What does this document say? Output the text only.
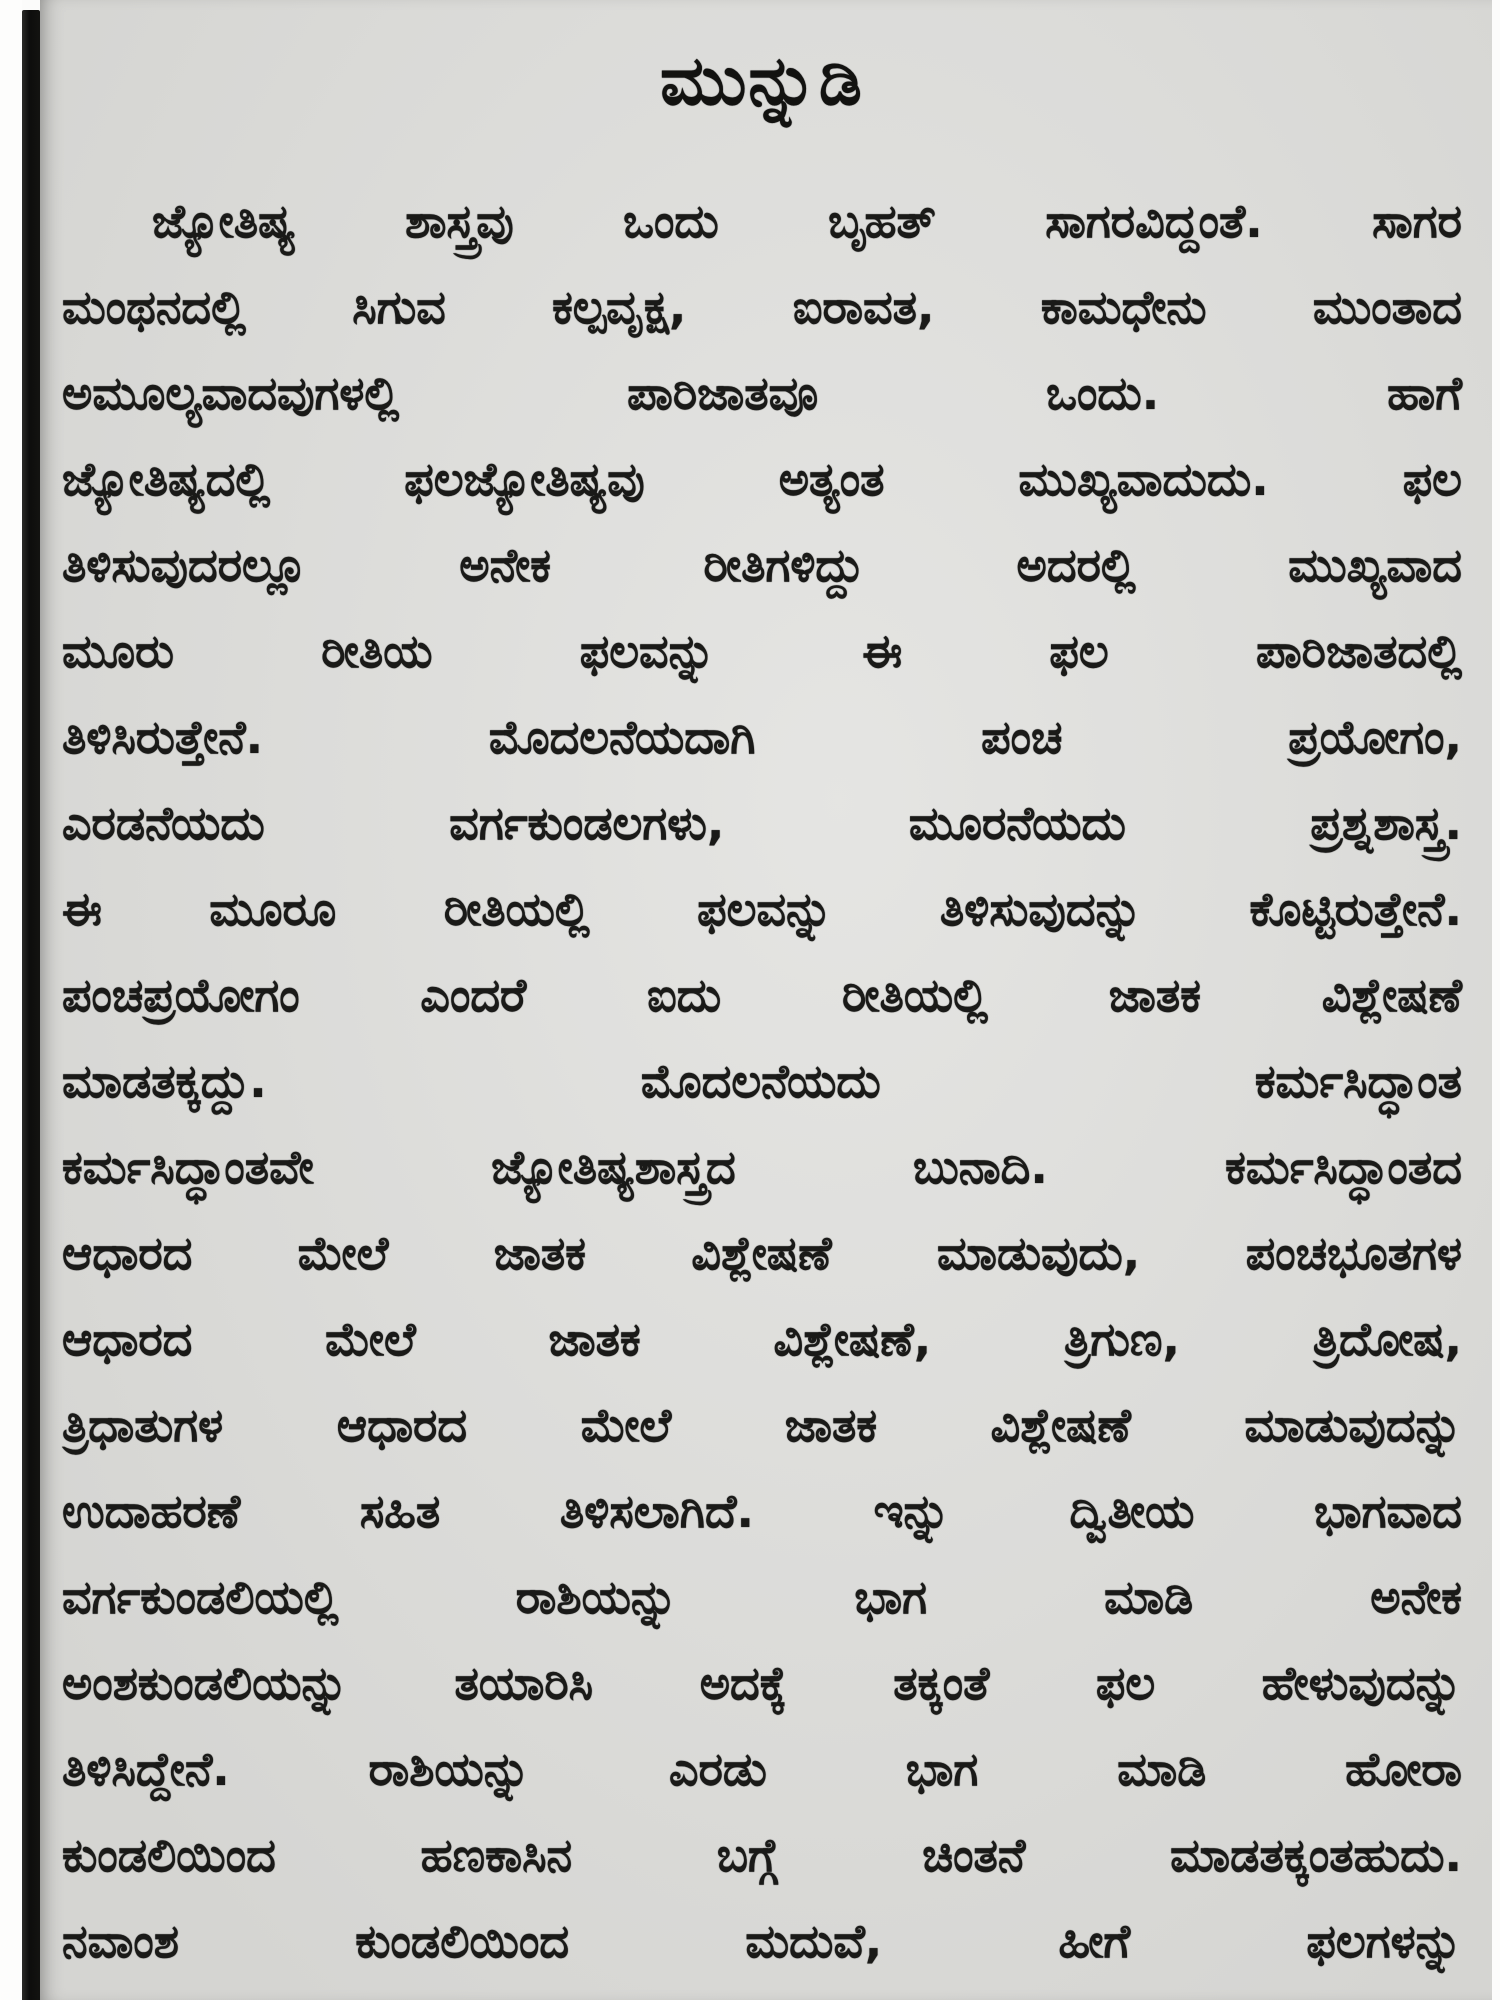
ಮುನ್ನುಡಿ
ಜ್ಯೋತಿಷ್ಯ ಶಾಸ್ತ್ರವು ಒಂದು ಬೃಹತ್ ಸಾಗರವಿದ್ದಂತೆ. ಸಾಗರ
ಮಂಥನದಲ್ಲಿ ಸಿಗುವ ಕಲ್ಪವೃಕ್ಷ, ಐರಾವತ, ಕಾಮಧೇನು ಮುಂತಾದ
ಅಮೂಲ್ಯವಾದವುಗಳಲ್ಲಿ ಪಾರಿಜಾತವೂ ಒಂದು. ಹಾಗೆ
ಜ್ಯೋತಿಷ್ಯದಲ್ಲಿ ಫಲಜ್ಯೋತಿಷ್ಯವು ಅತ್ಯಂತ ಮುಖ್ಯವಾದುದು. ಫಲ
ತಿಳಿಸುವುದರಲ್ಲೂ ಅನೇಕ ರೀತಿಗಳಿದ್ದು ಅದರಲ್ಲಿ ಮುಖ್ಯವಾದ
ಮೂರು ರೀತಿಯ ಫಲವನ್ನು ಈ ಫಲ ಪಾರಿಜಾತದಲ್ಲಿ
ತಿಳಿಸಿರುತ್ತೇನೆ. ಮೊದಲನೆಯದಾಗಿ ಪಂಚ ಪ್ರಯೋಗಂ,
ಎರಡನೆಯದು ವರ್ಗಕುಂಡಲಗಳು, ಮೂರನೆಯದು ಪ್ರಶ್ನಶಾಸ್ತ್ರ.
ಈ ಮೂರೂ ರೀತಿಯಲ್ಲಿ ಫಲವನ್ನು ತಿಳಿಸುವುದನ್ನು ಕೊಟ್ಟಿರುತ್ತೇನೆ.
ಪಂಚಪ್ರಯೋಗಂ ಎಂದರೆ ಐದು ರೀತಿಯಲ್ಲಿ ಜಾತಕ ವಿಶ್ಲೇಷಣೆ
ಮಾಡತಕ್ಕದ್ದು. ಮೊದಲನೆಯದು ಕರ್ಮಸಿದ್ಧಾಂತ
ಕರ್ಮಸಿದ್ಧಾಂತವೇ ಜ್ಯೋತಿಷ್ಯಶಾಸ್ತ್ರದ ಬುನಾದಿ. ಕರ್ಮಸಿದ್ಧಾಂತದ
ಆಧಾರದ ಮೇಲೆ ಜಾತಕ ವಿಶ್ಲೇಷಣೆ ಮಾಡುವುದು, ಪಂಚಭೂತಗಳ
ಆಧಾರದ ಮೇಲೆ ಜಾತಕ ವಿಶ್ಲೇಷಣೆ, ತ್ರಿಗುಣ, ತ್ರಿದೋಷ,
ತ್ರಿಧಾತುಗಳ ಆಧಾರದ ಮೇಲೆ ಜಾತಕ ವಿಶ್ಲೇಷಣೆ ಮಾಡುವುದನ್ನು
ಉದಾಹರಣೆ ಸಹಿತ ತಿಳಿಸಲಾಗಿದೆ. ಇನ್ನು ದ್ವಿತೀಯ ಭಾಗವಾದ
ವರ್ಗಕುಂಡಲಿಯಲ್ಲಿ ರಾಶಿಯನ್ನು ಭಾಗ ಮಾಡಿ ಅನೇಕ
ಅಂಶಕುಂಡಲಿಯನ್ನು ತಯಾರಿಸಿ ಅದಕ್ಕೆ ತಕ್ಕಂತೆ ಫಲ ಹೇಳುವುದನ್ನು
ತಿಳಿಸಿದ್ದೇನೆ. ರಾಶಿಯನ್ನು ಎರಡು ಭಾಗ ಮಾಡಿ ಹೋರಾ
ಕುಂಡಲಿಯಿಂದ ಹಣಕಾಸಿನ ಬಗ್ಗೆ ಚಿಂತನೆ ಮಾಡತಕ್ಕಂತಹುದು.
ನವಾಂಶ ಕುಂಡಲಿಯಿಂದ ಮದುವೆ, ಹೀಗೆ ಫಲಗಳನ್ನು
